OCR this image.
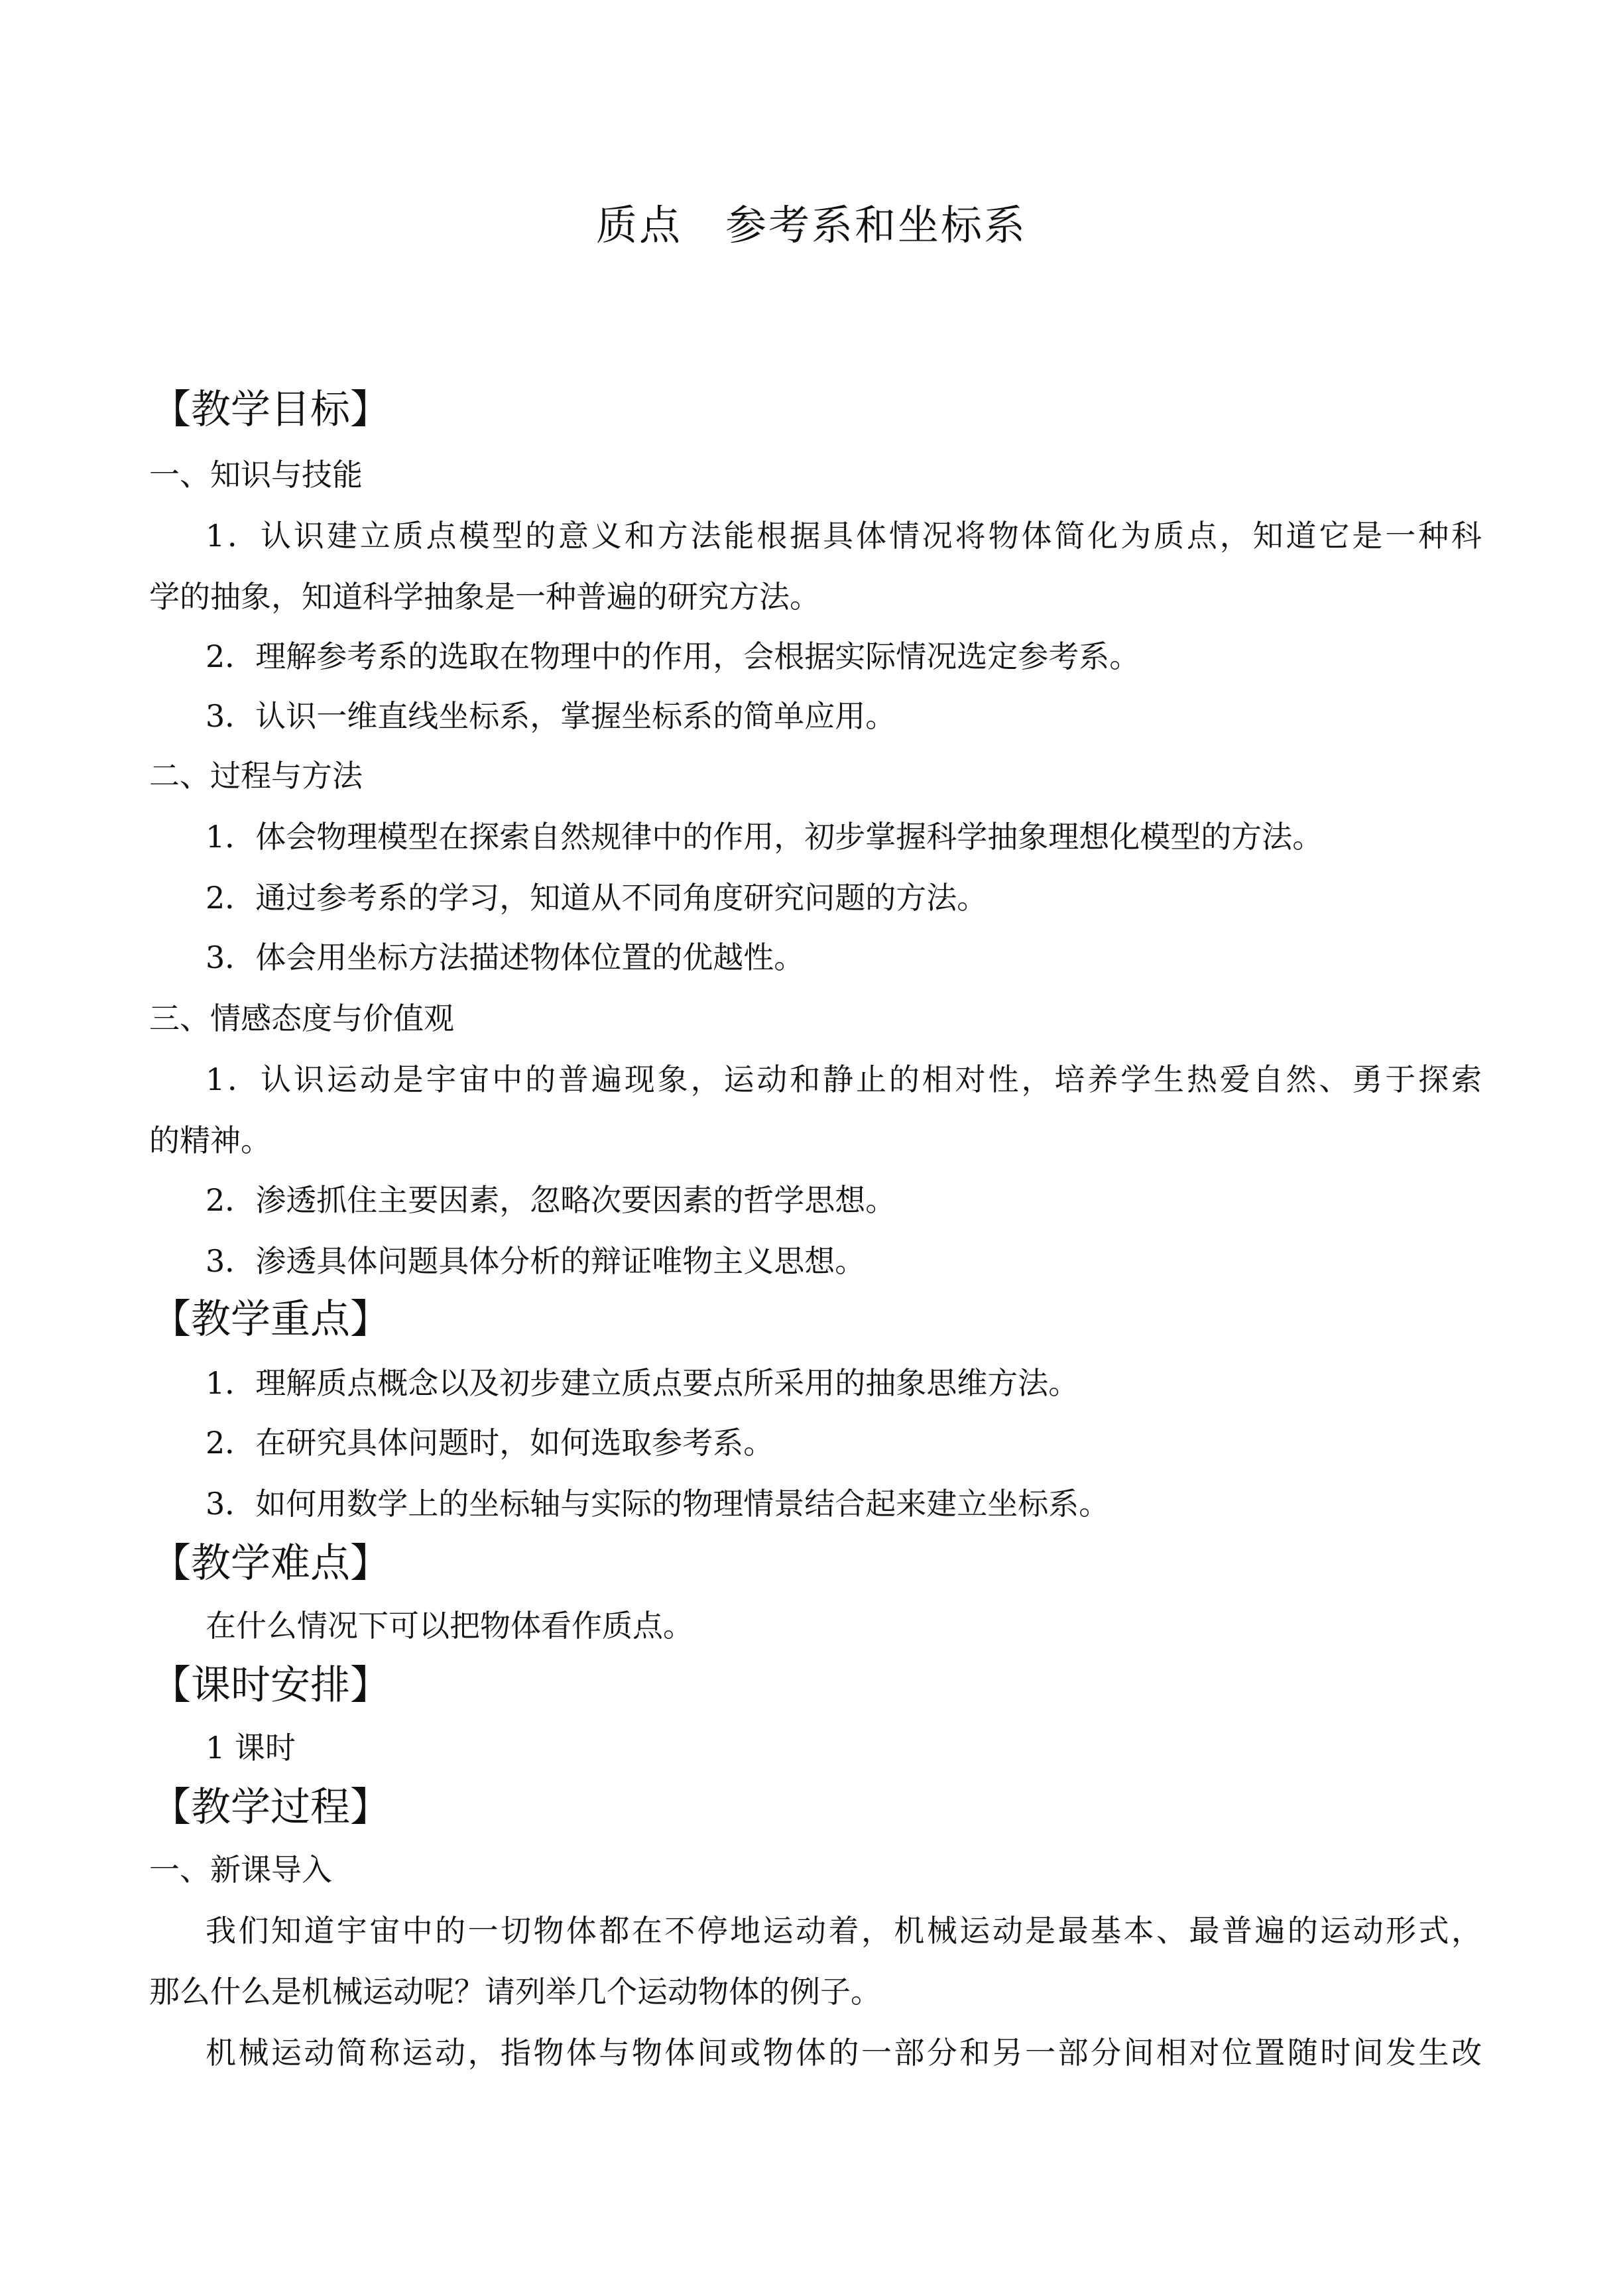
质点　参考系和坐标系
【教学目标】
一、知识与技能
1．认识建立质点模型的意义和方法能根据具体情况将物体简化为质点，知道它是一种科
学的抽象，知道科学抽象是一种普遍的研究方法。
2．理解参考系的选取在物理中的作用，会根据实际情况选定参考系。
3．认识一维直线坐标系，掌握坐标系的简单应用。
二、过程与方法
1．体会物理模型在探索自然规律中的作用，初步掌握科学抽象理想化模型的方法。
2．通过参考系的学习，知道从不同角度研究问题的方法。
3．体会用坐标方法描述物体位置的优越性。
三、情感态度与价值观
1．认识运动是宇宙中的普遍现象，运动和静止的相对性，培养学生热爱自然、勇于探索
的精神。
2．渗透抓住主要因素，忽略次要因素的哲学思想。
3．渗透具体问题具体分析的辩证唯物主义思想。
【教学重点】
1．理解质点概念以及初步建立质点要点所采用的抽象思维方法。
2．在研究具体问题时，如何选取参考系。
3．如何用数学上的坐标轴与实际的物理情景结合起来建立坐标系。
【教学难点】
在什么情况下可以把物体看作质点。
【课时安排】
1 课时
【教学过程】
一、新课导入
我们知道宇宙中的一切物体都在不停地运动着，机械运动是最基本、最普遍的运动形式，
那么什么是机械运动呢？请列举几个运动物体的例子。
机械运动简称运动，指物体与物体间或物体的一部分和另一部分间相对位置随时间发生改
